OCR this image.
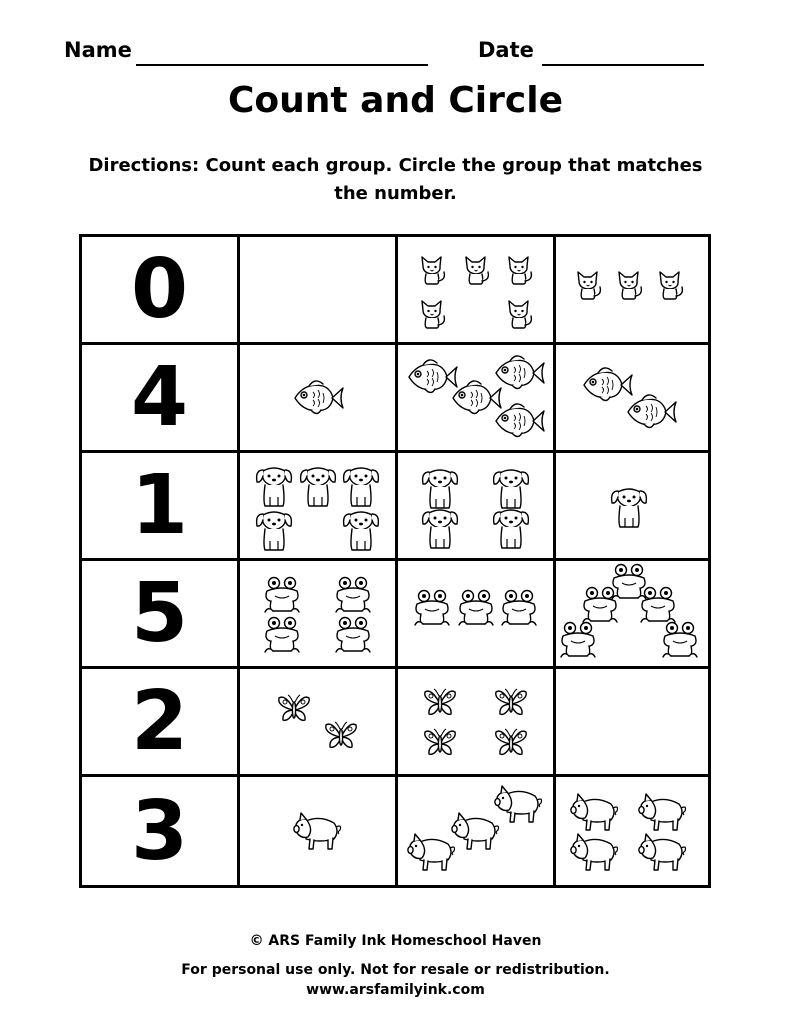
Name	Date
Count and Circle
Directions: Count each group. Circle the group that matches the number.
0
4
1
5
2
3
© ARS Family Ink Homeschool Haven
For personal use only. Not for resale or redistribution.
www.arsfamilyink.com
